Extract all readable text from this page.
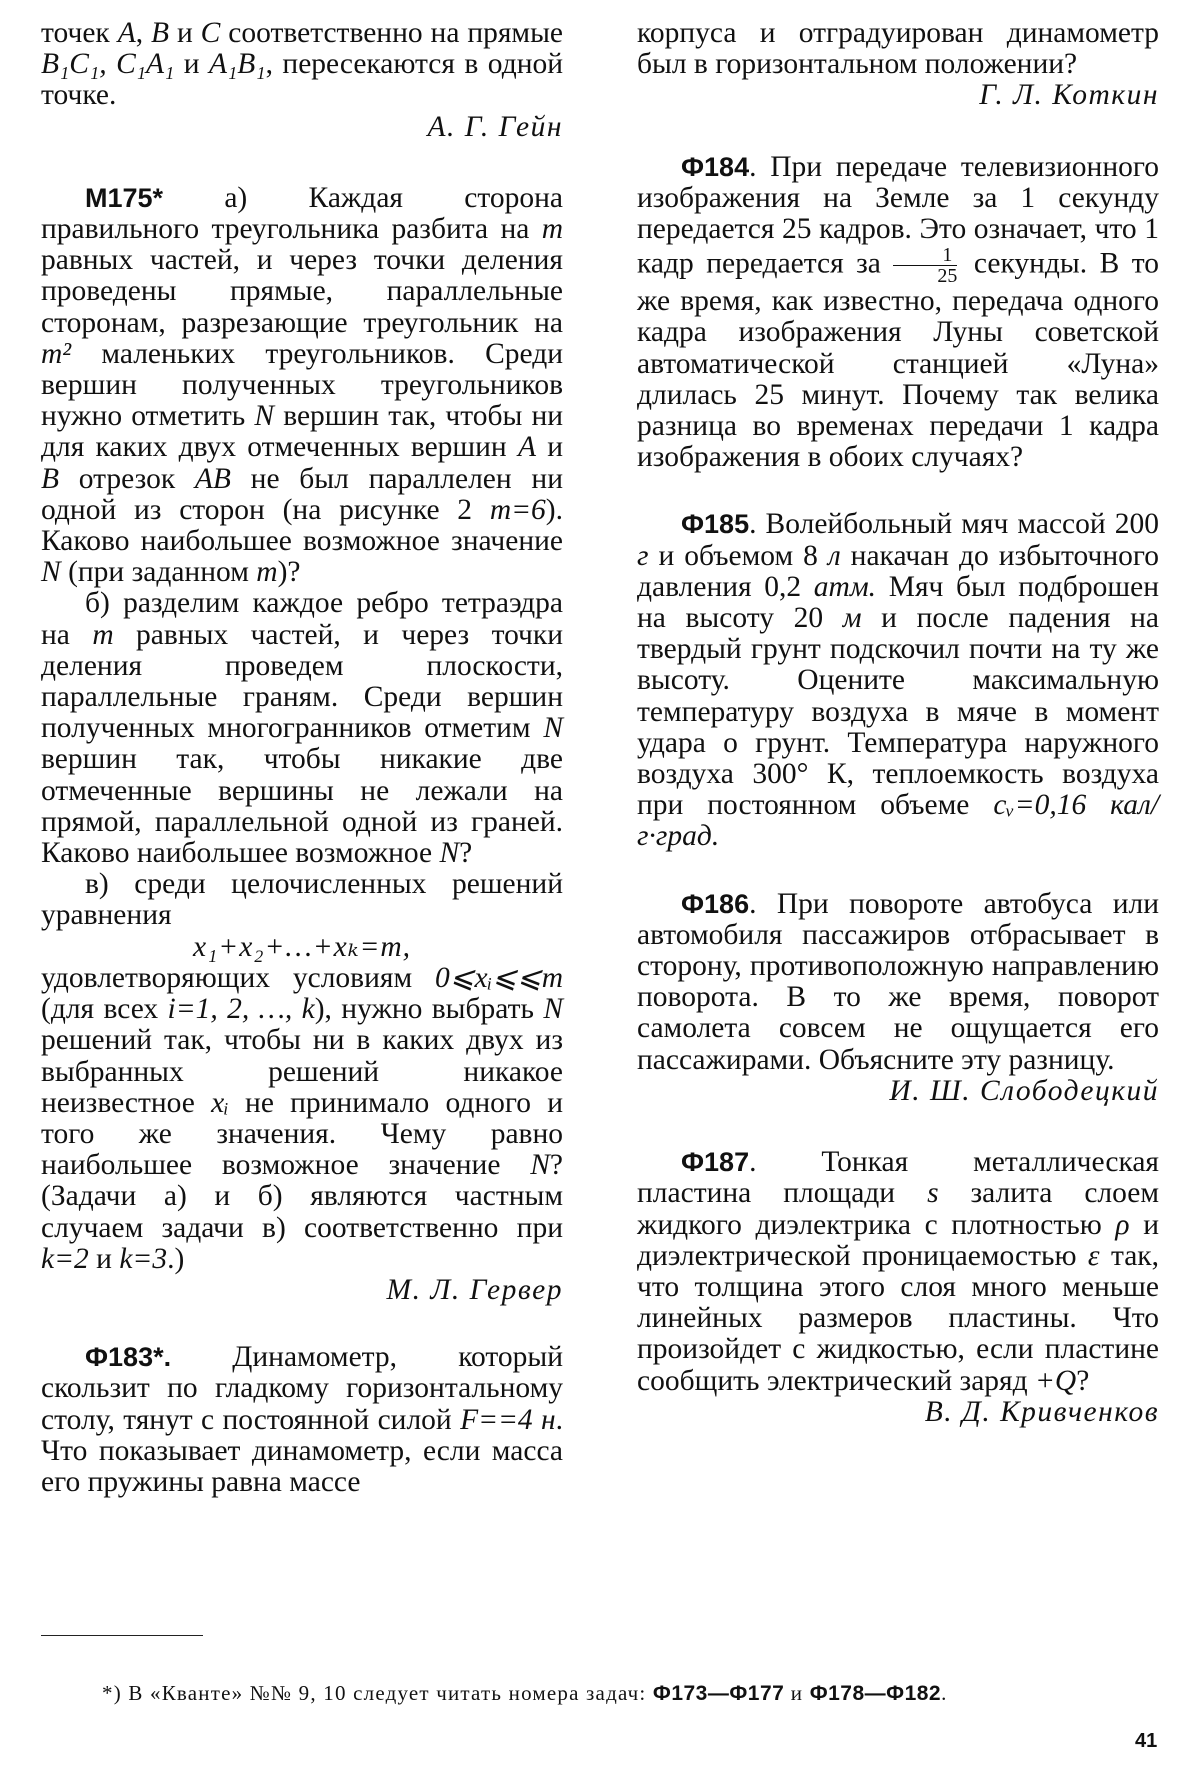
точек A, B и C соответственно на прямые B₁C₁, C₁A₁ и A₁B₁, пересекаются в одной точке.

А. Г. Гейн

М175* а) Каждая сторона правильного треугольника разбита на m равных частей, и через точки деления проведены прямые, параллельные сторонам, разрезающие треугольник на m² маленьких треугольников. Среди вершин полученных треугольников нужно отметить N вершин так, чтобы ни для каких двух отмеченных вершин A и B отрезок AB не был параллелен ни одной из сторон (на рисунке 2 m=6). Каково наибольшее возможное значение N (при заданном m)?

б) разделим каждое ребро тетраэдра на m равных частей, и через точки деления проведем плоскости, параллельные граням. Среди вершин полученных многогранников отметим N вершин так, чтобы никакие две отмеченные вершины не лежали на прямой, параллельной одной из граней. Каково наибольшее возможное N?

в) среди целочисленных решений уравнения

x₁+x₂+…+xₖ=m,

удовлетворяющих условиям 0⩽xᵢ⩽⩽m (для всех i=1, 2, …, k), нужно выбрать N решений так, чтобы ни в каких двух из выбранных решений никакое неизвестное xᵢ не принимало одного и того же значения. Чему равно наибольшее возможное значение N? (Задачи а) и б) являются частным случаем задачи в) соответственно при k=2 и k=3.)

М. Л. Гервер

Ф183*. Динамометр, который скользит по гладкому горизонтальному столу, тянут с постоянной силой F==4 н. Что показывает динамометр, если масса его пружины равна массе

корпуса и отградуирован динамометр был в горизонтальном положении?

Г. Л. Коткин

Ф184. При передаче телевизионного изображения на Земле за 1 секунду передается 25 кадров. Это означает, что 1 кадр передается за $\frac{1}{25}$ секунды. В то же время, как известно, передача одного кадра изображения Луны советской автоматической станцией «Луна» длилась 25 минут. Почему так велика разница во временах передачи 1 кадра изображения в обоих случаях?

Ф185. Волейбольный мяч массой 200 г и объемом 8 л накачан до избыточного давления 0,2 атм. Мяч был подброшен на высоту 20 м и после падения на твердый грунт подскочил почти на ту же высоту. Оцените максимальную температуру воздуха в мяче в момент удара о грунт. Температура наружного воздуха 300° К, теплоемкость воздуха при постоянном объеме cᵥ=0,16 кал/г·град.

Ф186. При повороте автобуса или автомобиля пассажиров отбрасывает в сторону, противоположную направлению поворота. В то же время, поворот самолета совсем не ощущается его пассажирами. Объясните эту разницу.

И. Ш. Слободецкий

Ф187. Тонкая металлическая пластина площади s залита слоем жидкого диэлектрика с плотностью ρ и диэлектрической проницаемостью ε так, что толщина этого слоя много меньше линейных размеров пластины. Что произойдет с жидкостью, если пластине сообщить электрический заряд +Q?

В. Д. Кривченков

*) В «Кванте» №№ 9, 10 следует читать номера задач: Ф173—Ф177 и Ф178—Ф182.

41
